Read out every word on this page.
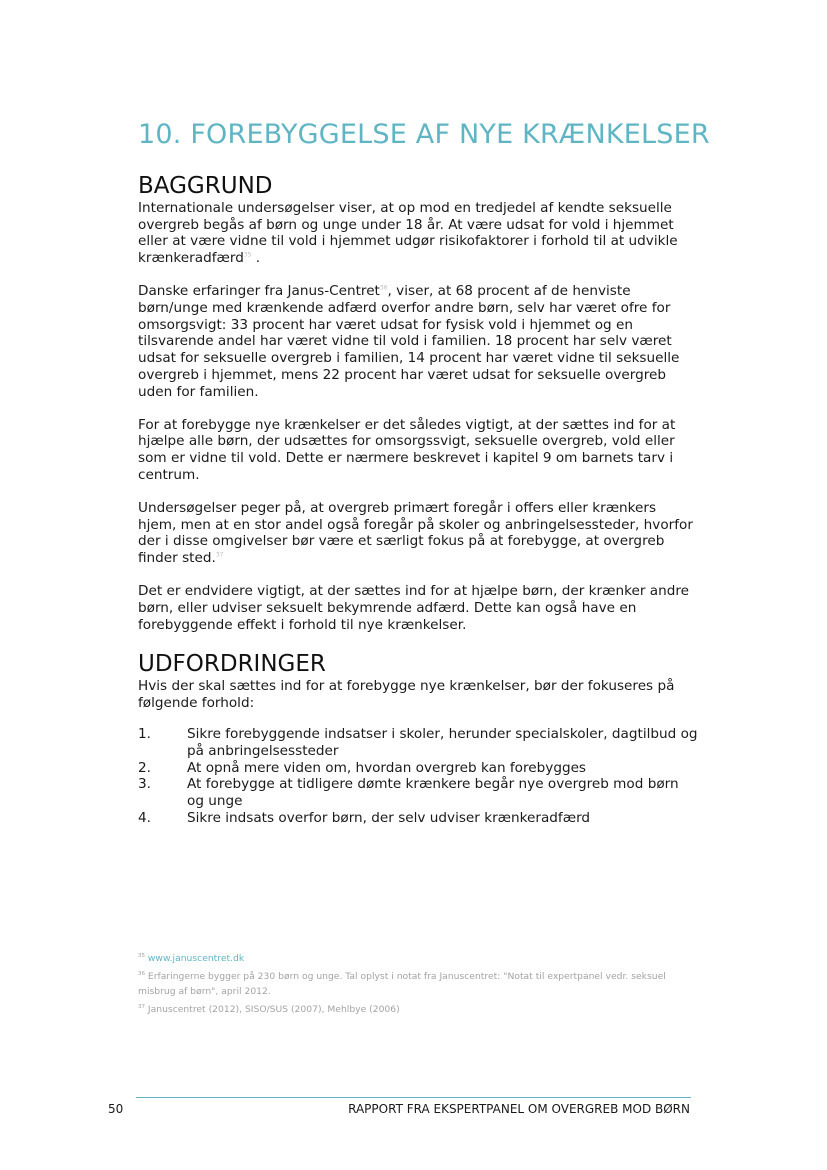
10. FOREBYGGELSE AF NYE KRÆNKELSER
BAGGRUND

Internationale undersøgelser viser, at op mod en tredjedel af kendte seksuelle overgreb begås af børn og unge under 18 år. At være udsat for vold i hjemmet eller at være vidne til vold i hjemmet udgør risikofaktorer i forhold til at udvikle krænkeradfærd$^{35}$ .

Danske erfaringer fra Janus-Centret$^{36}$, viser, at 68 procent af de henviste børn/unge med krænkende adfærd overfor andre børn, selv har været ofre for omsorgsvigt: 33 procent har været udsat for fysisk vold i hjemmet og en tilsvarende andel har været vidne til vold i familien. 18 procent har selv været udsat for seksuelle overgreb i familien, 14 procent har været vidne til seksuelle overgreb i hjemmet, mens 22 procent har været udsat for seksuelle overgreb uden for familien.

For at forebygge nye krænkelser er det således vigtigt, at der sættes ind for at hjælpe alle børn, der udsættes for omsorgssvigt, seksuelle overgreb, vold eller som er vidne til vold. Dette er nærmere beskrevet i kapitel 9 om barnets tarv i centrum.

Undersøgelser peger på, at overgreb primært foregår i offers eller krænkers hjem, men at en stor andel også foregår på skoler og anbringelsessteder, hvorfor der i disse omgivelser bør være et særligt fokus på at forebygge, at overgreb finder sted.$^{37}$

Det er endvidere vigtigt, at der sættes ind for at hjælpe børn, der krænker andre børn, eller udviser seksuelt bekymrende adfærd. Dette kan også have en forebyggende effekt i forhold til nye krænkelser.

UDFORDRINGER

Hvis der skal sættes ind for at forebygge nye krænkelser, bør der fokuseres på følgende forhold:

1.	Sikre forebyggende indsatser i skoler, herunder specialskoler, dagtilbud og på anbringelsessteder
2.	At opnå mere viden om, hvordan overgreb kan forebygges
3.	At forebygge at tidligere dømte krænkere begår nye overgreb mod børn og unge
4.	Sikre indsats overfor børn, der selv udviser krænkeradfærd

$^{35}$ www.januscentret.dk

$^{36}$ Erfaringerne bygger på 230 børn og unge. Tal oplyst i notat fra Januscentret: "Notat til expertpanel vedr. seksuel misbrug af børn", april 2012.

$^{37}$ Januscentret (2012), SISO/SUS (2007), Mehlbye (2006)

50	RAPPORT FRA EKSPERTPANEL OM OVERGREB MOD BØRN
